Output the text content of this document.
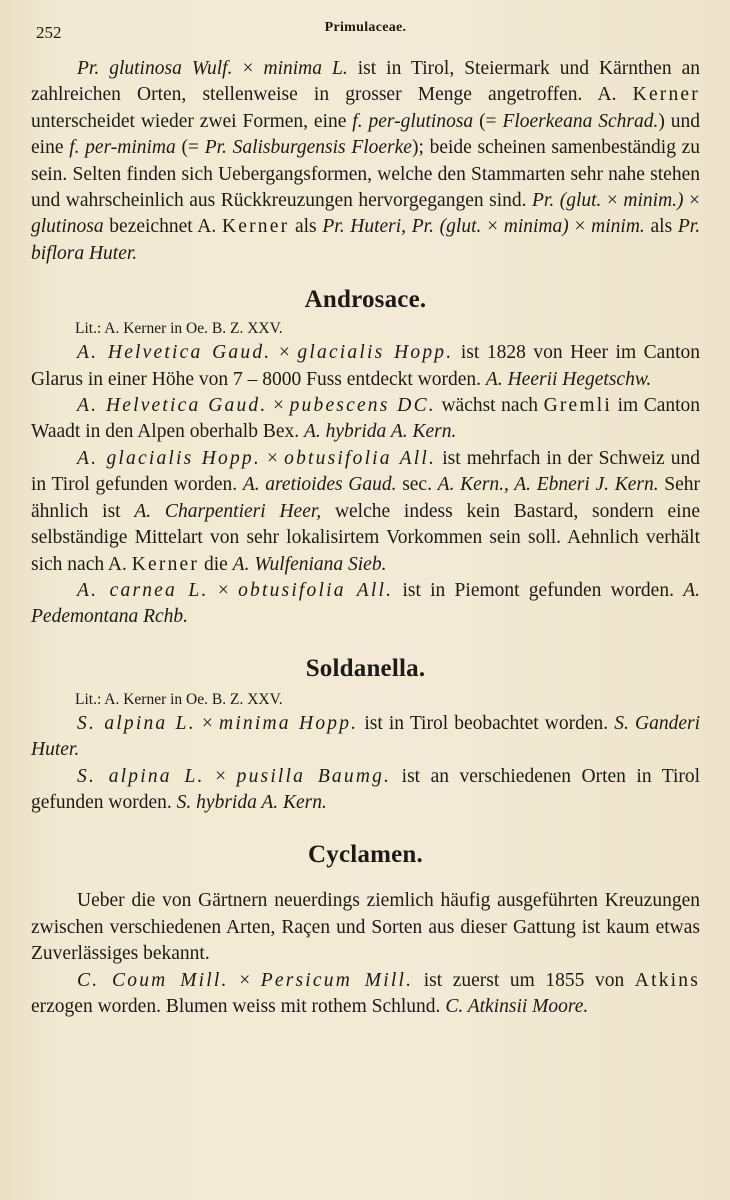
252	Primulaceae.

Pr. glutinosa Wulf. × minima L. ist in Tirol, Steiermark und Kärnthen an zahlreichen Orten, stellenweise in grosser Menge angetroffen. A. Kerner unterscheidet wieder zwei Formen, eine f. per-glutinosa (= Floerkeana Schrad.) und eine f. per-minima (= Pr. Salisburgensis Floerke); beide scheinen samenbeständig zu sein. Selten finden sich Uebergangsformen, welche den Stammarten sehr nahe stehen und wahrscheinlich aus Rückkreuzungen hervorgegangen sind. Pr. (glut. × minim.) × glutinosa bezeichnet A. Kerner als Pr. Huteri, Pr. (glut. × minima) × minim. als Pr. biflora Huter.

Androsace.
Lit.: A. Kerner in Oe. B. Z. XXV.

A. Helvetica Gaud. × glacialis Hopp. ist 1828 von Heer im Canton Glarus in einer Höhe von 7 – 8000 Fuss entdeckt worden. A. Heerii Hegetschw.

A. Helvetica Gaud. × pubescens DC. wächst nach Gremli im Canton Waadt in den Alpen oberhalb Bex. A. hybrida A. Kern.

A. glacialis Hopp. × obtusifolia All. ist mehrfach in der Schweiz und in Tirol gefunden worden. A. aretioides Gaud. sec. A. Kern., A. Ebneri J. Kern. Sehr ähnlich ist A. Charpentieri Heer, welche indess kein Bastard, sondern eine selbständige Mittelart von sehr lokalisirtem Vorkommen sein soll. Aehnlich verhält sich nach A. Kerner die A. Wulfeniana Sieb.

A. carnea L. × obtusifolia All. ist in Piemont gefunden worden. A. Pedemontana Rchb.

Soldanella.
Lit.: A. Kerner in Oe. B. Z. XXV.

S. alpina L. × minima Hopp. ist in Tirol beobachtet worden. S. Ganderi Huter.

S. alpina L. × pusilla Baumg. ist an verschiedenen Orten in Tirol gefunden worden. S. hybrida A. Kern.

Cyclamen.

Ueber die von Gärtnern neuerdings ziemlich häufig ausgeführten Kreuzungen zwischen verschiedenen Arten, Raçen und Sorten aus dieser Gattung ist kaum etwas Zuverlässiges bekannt.

C. Coum Mill. × Persicum Mill. ist zuerst um 1855 von Atkins erzogen worden. Blumen weiss mit rothem Schlund. C. Atkinsii Moore.
